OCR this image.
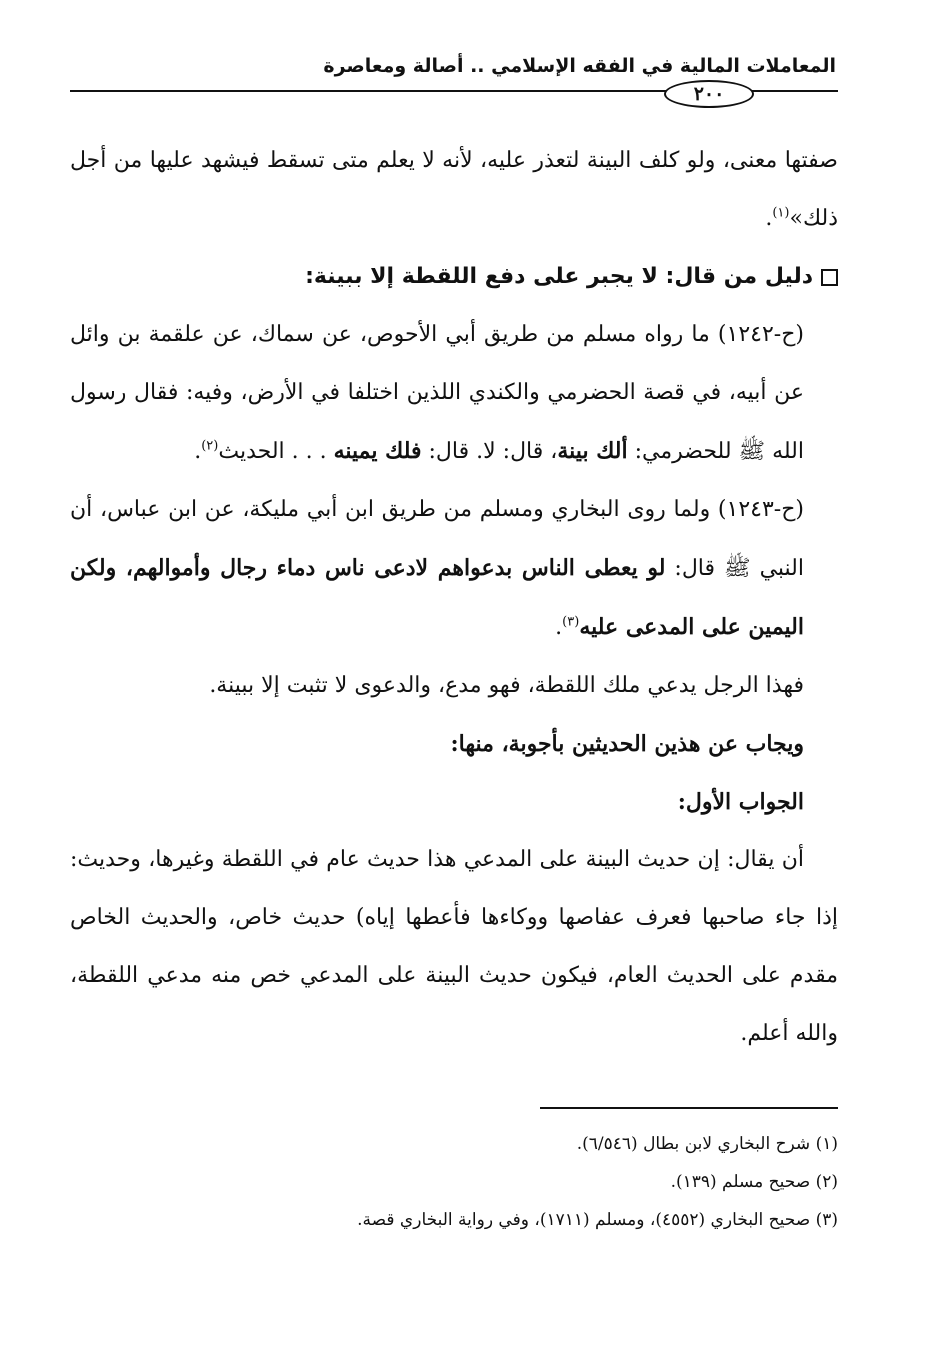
المعاملات المالية في الفقه الإسلامي .. أصالة ومعاصرة
٢٠٠

صفتها معنى، ولو كلف البينة لتعذر عليه، لأنه لا يعلم متى تسقط فيشهد عليها من أجل ذلك»$^{(١)}$.

دليل من قال: لا يجبر على دفع اللقطة إلا ببينة:

(ح-١٢٤٢) ما رواه مسلم من طريق أبي الأحوص، عن سماك، عن علقمة بن وائل عن أبيه، في قصة الحضرمي والكندي اللذين اختلفا في الأرض، وفيه: فقال رسول الله ﷺ للحضرمي: ألك بينة، قال: لا. قال: فلك يمينه . . . الحديث$^{(٢)}$.

(ح-١٢٤٣) ولما روى البخاري ومسلم من طريق ابن أبي مليكة، عن ابن عباس، أن النبي ﷺ قال: لو يعطى الناس بدعواهم لادعى ناس دماء رجال وأموالهم، ولكن اليمين على المدعى عليه$^{(٣)}$.

فهذا الرجل يدعي ملك اللقطة، فهو مدع، والدعوى لا تثبت إلا ببينة.

ويجاب عن هذين الحديثين بأجوبة، منها:

الجواب الأول:

أن يقال: إن حديث البينة على المدعي هذا حديث عام في اللقطة وغيرها، وحديث: إذا جاء صاحبها فعرف عفاصها ووكاءها فأعطها إياه) حديث خاص، والحديث الخاص مقدم على الحديث العام، فيكون حديث البينة على المدعي خص منه مدعي اللقطة، والله أعلم.

(١) شرح البخاري لابن بطال (٦/٥٤٦).

(٢) صحيح مسلم (١٣٩).

(٣) صحيح البخاري (٤٥٥٢)، ومسلم (١٧١١)، وفي رواية البخاري قصة.
